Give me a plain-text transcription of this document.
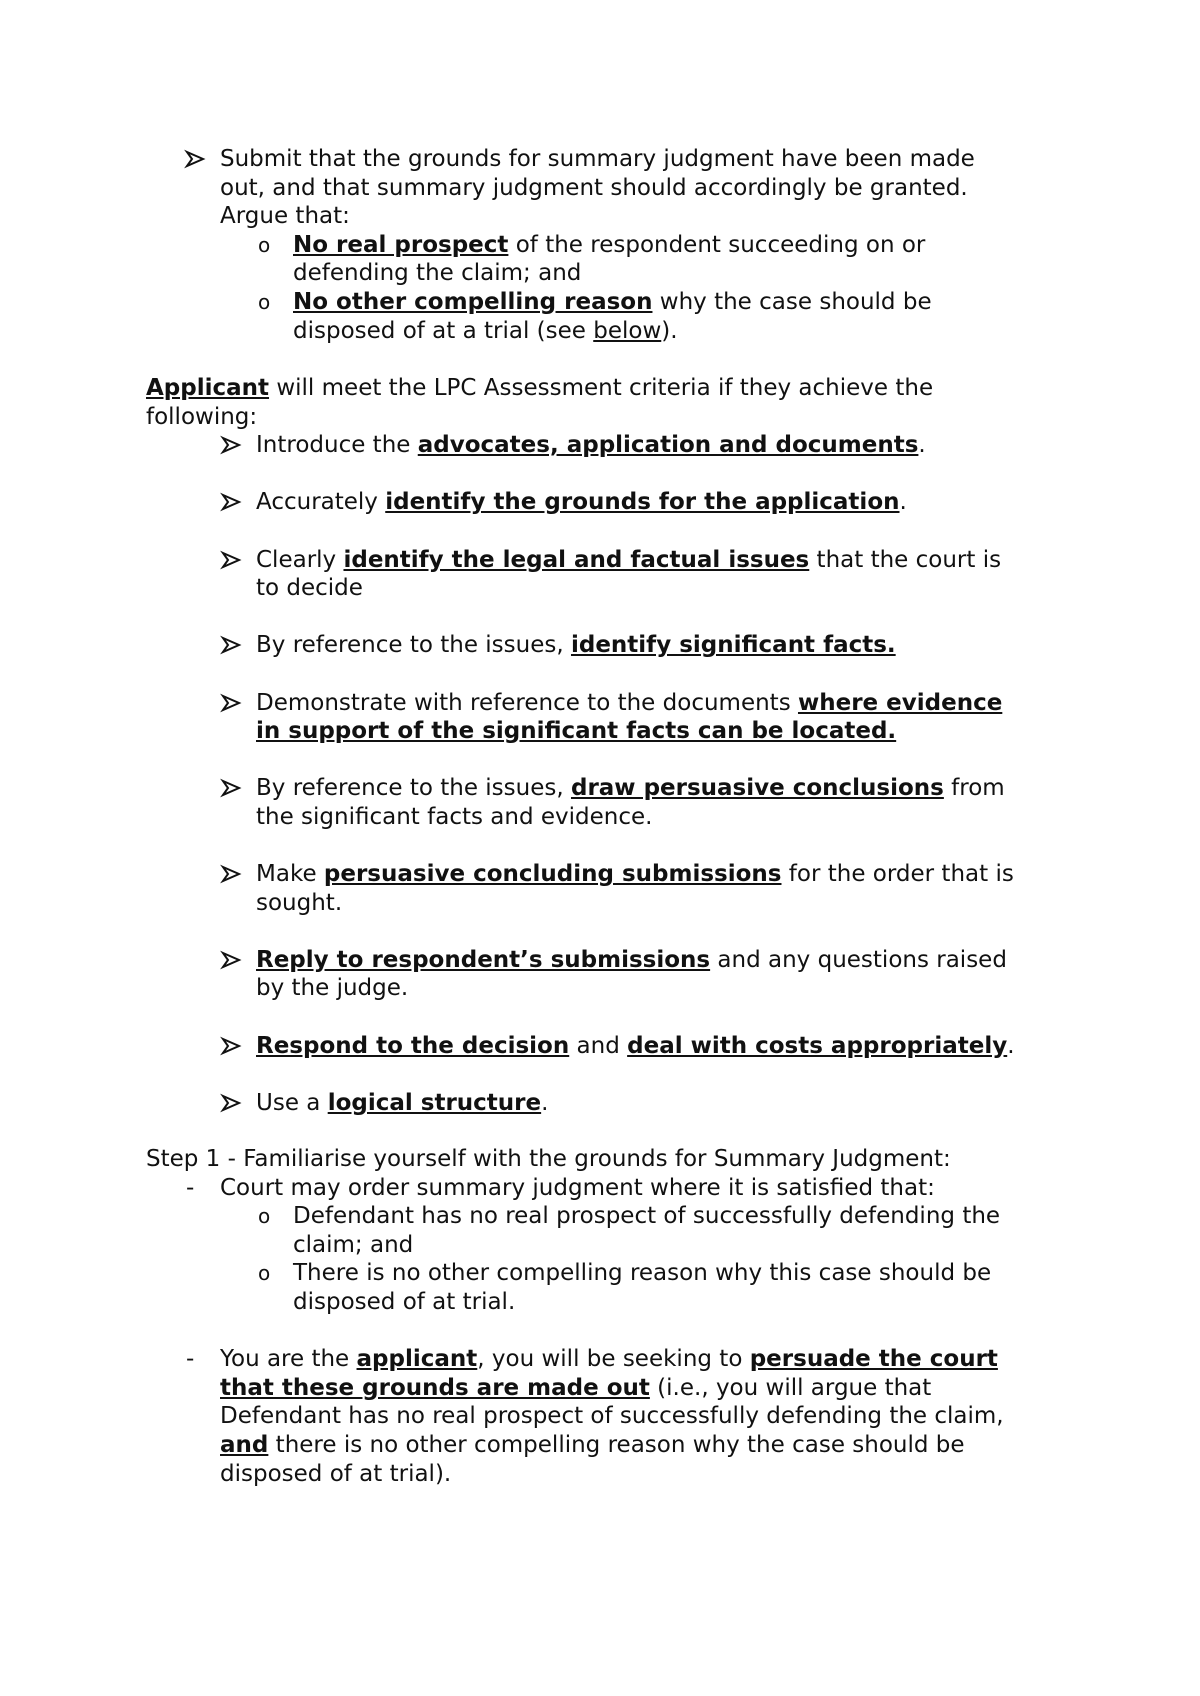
Submit that the grounds for summary judgment have been made
out, and that summary judgment should accordingly be granted.
Argue that:
o No real prospect of the respondent succeeding on or
defending the claim; and
o No other compelling reason why the case should be
disposed of at a trial (see below).
Applicant will meet the LPC Assessment criteria if they achieve the
following:
Introduce the advocates, application and documents.
Accurately identify the grounds for the application.
Clearly identify the legal and factual issues that the court is
to decide
By reference to the issues, identify significant facts.
Demonstrate with reference to the documents where evidence
in support of the significant facts can be located.
By reference to the issues, draw persuasive conclusions from
the significant facts and evidence.
Make persuasive concluding submissions for the order that is
sought.
Reply to respondent’s submissions and any questions raised
by the judge.
Respond to the decision and deal with costs appropriately.
Use a logical structure.
Step 1 - Familiarise yourself with the grounds for Summary Judgment:
- Court may order summary judgment where it is satisfied that:
o Defendant has no real prospect of successfully defending the
claim; and
o There is no other compelling reason why this case should be
disposed of at trial.
- You are the applicant, you will be seeking to persuade the court
that these grounds are made out (i.e., you will argue that
Defendant has no real prospect of successfully defending the claim,
and there is no other compelling reason why the case should be
disposed of at trial).
